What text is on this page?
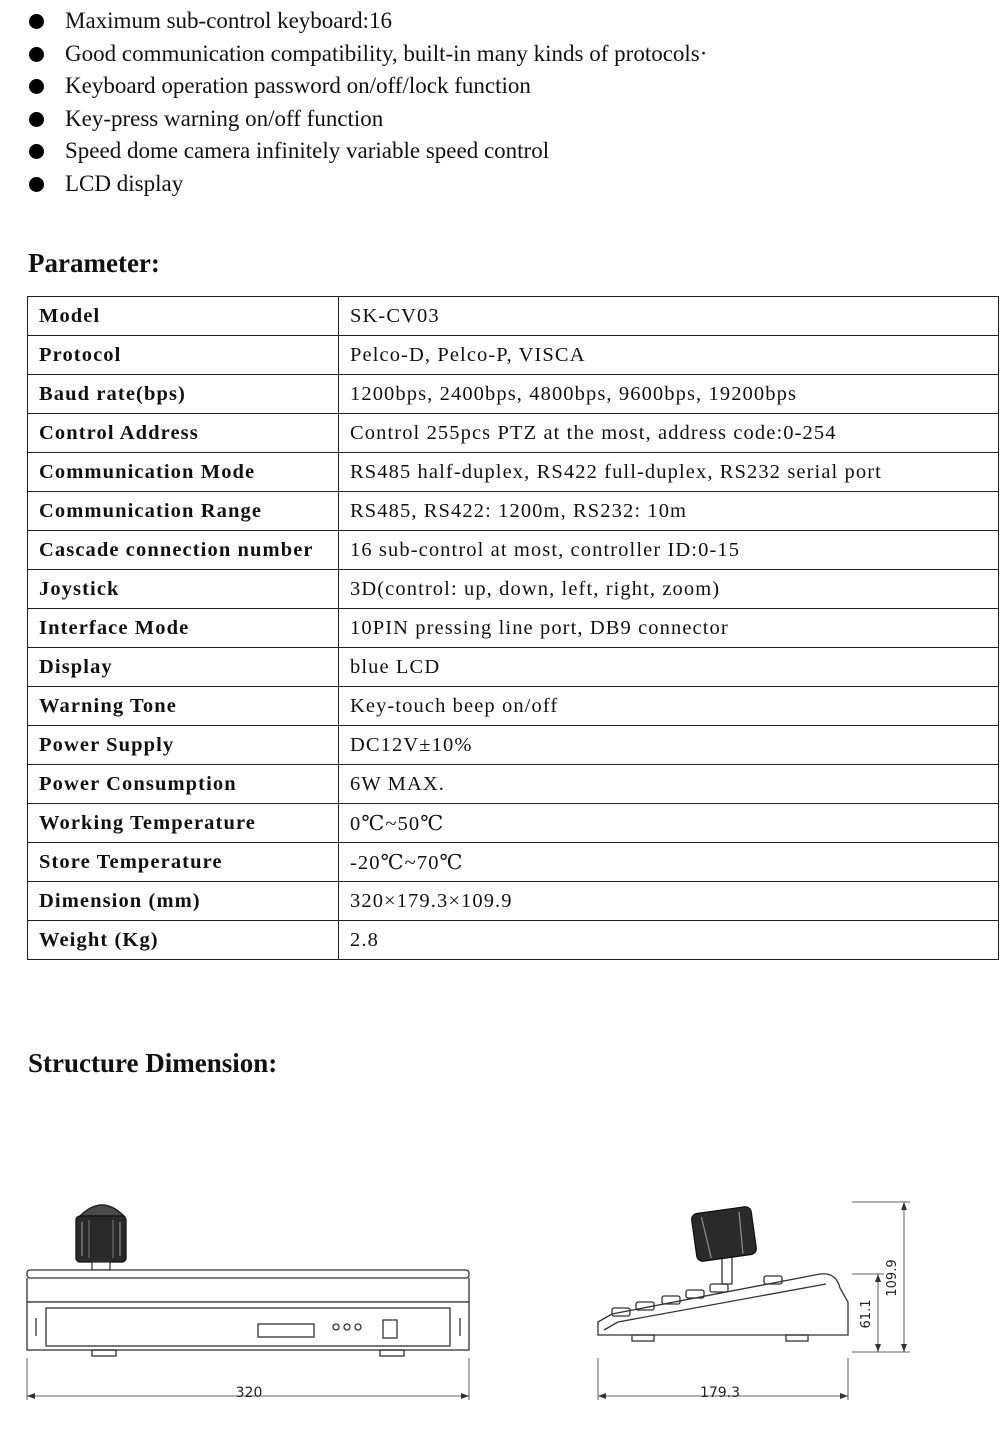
Maximum sub-control keyboard:16
Good communication compatibility, built-in many kinds of protocols·
Keyboard operation password on/off/lock function
Key-press warning on/off function
Speed dome camera infinitely variable speed control
LCD display
Parameter:
Model	SK-CV03
Protocol	Pelco-D, Pelco-P, VISCA
Baud rate(bps)	1200bps, 2400bps, 4800bps, 9600bps, 19200bps
Control Address	Control 255pcs PTZ at the most, address code:0-254
Communication Mode	RS485 half-duplex, RS422 full-duplex, RS232 serial port
Communication Range	RS485, RS422: 1200m, RS232: 10m
Cascade connection number	16 sub-control at most, controller ID:0-15
Joystick	3D(control: up, down, left, right, zoom)
Interface Mode	10PIN pressing line port, DB9 connector
Display	blue LCD
Warning Tone	Key-touch beep on/off
Power Supply	DC12V±10%
Power Consumption	6W MAX.
Working Temperature	0℃~50℃
Store Temperature	-20℃~70℃
Dimension (mm)	320×179.3×109.9
Weight (Kg)	2.8
Structure Dimension:
320	179.3
109.9
61.1
